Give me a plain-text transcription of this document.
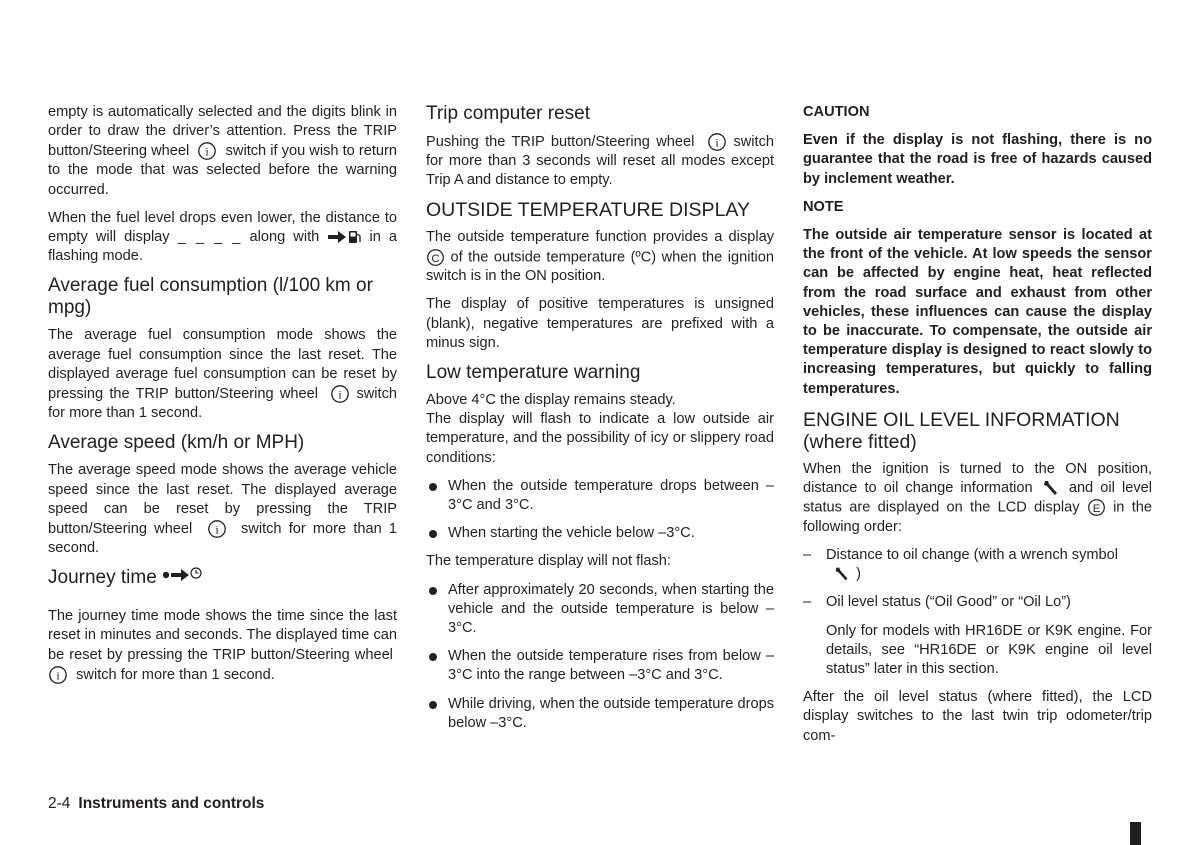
empty is automatically selected and the digits blink in order to draw the driver’s attention. Press the TRIP button/Steering wheel i switch if you wish to return to the mode that was selected before the warning occurred.

When the fuel level drops even lower, the distance to empty will display _ _ _ _ along with	in a flashing mode.

Average fuel consumption (l/100 km or mpg)

The average fuel consumption mode shows the average fuel consumption since the last reset. The displayed average fuel consumption can be reset by pressing the TRIP button/Steering wheel i switch for more than 1 second.

Average speed (km/h or MPH)

The average speed mode shows the average vehicle speed since the last reset. The displayed average speed can be reset by pressing the TRIP button/Steering wheel i switch for more than 1 second.

Journey time

The journey time mode shows the time since the last reset in minutes and seconds. The displayed time can be reset by pressing the TRIP button/Steering wheel
i switch for more than 1 second.

Trip computer reset

Pushing the TRIP button/Steering wheel i switch for more than 3 seconds will reset all modes except Trip A and distance to empty.

OUTSIDE TEMPERATURE DISPLAY

The outside temperature function provides a display
C of the outside temperature (ºC) when the ignition switch is in the ON position.

The display of positive temperatures is unsigned (blank), negative temperatures are prefixed with a minus sign.

Low temperature warning

Above 4°C the display remains steady.

The display will flash to indicate a low outside air temperature, and the possibility of icy or slippery road conditions:

When the outside temperature drops between –3°C and 3°C.
When starting the vehicle below –3°C.

The temperature display will not flash:

After approximately 20 seconds, when starting the vehicle and the outside temperature is below –3°C.
When the outside temperature rises from below –3°C into the range between –3°C and 3°C.
While driving, when the outside temperature drops below –3°C.
CAUTION

Even if the display is not flashing, there is no guarantee that the road is free of hazards caused by inclement weather.

NOTE

The outside air temperature sensor is located at the front of the vehicle. At low speeds the sensor can be affected by engine heat, heat reflected from the road surface and exhaust from other vehicles, these influences can cause the display to be inaccurate. To compensate, the outside air temperature display is designed to react slowly to increasing temperatures, but quickly to falling temperatures.

ENGINE OIL LEVEL INFORMATION (where fitted)

When the ignition is turned to the ON position, distance to oil change information and oil level status are displayed on the LCD display E in the following order:

– Distance to oil change (with a wrench symbol

)
– Oil level status (“Oil Good” or “Oil Lo”)

Only for models with HR16DE or K9K engine. For details, see “HR16DE or K9K engine oil level status” later in this section.

After the oil level status (where fitted), the LCD display switches to the last twin trip odometer/trip com-

2-4 Instruments and controls
